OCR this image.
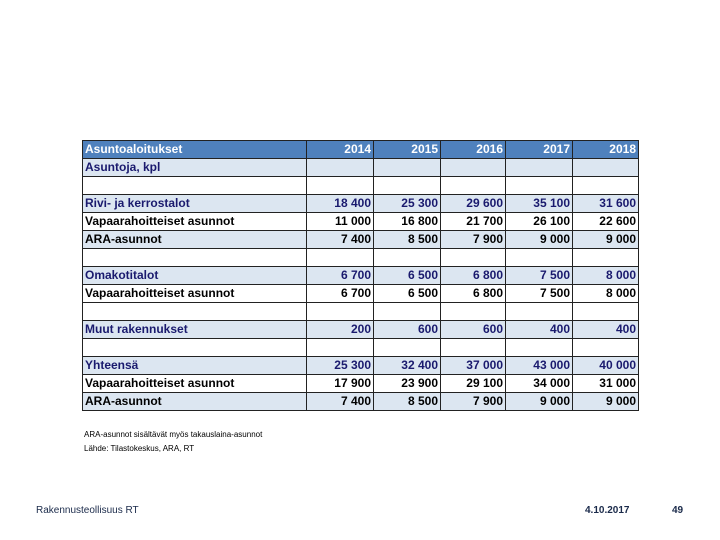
Asuntoaloitukset	2014	2015	2016	2017	2018
Asuntoja, kpl					

Rivi- ja kerrostalot	18 400	25 300	29 600	35 100	31 600
Vapaarahoitteiset asunnot	11 000	16 800	21 700	26 100	22 600
ARA-asunnot	7 400	8 500	7 900	9 000	9 000

Omakotitalot	6 700	6 500	6 800	7 500	8 000
Vapaarahoitteiset asunnot	6 700	6 500	6 800	7 500	8 000

Muut rakennukset	200	600	600	400	400

Yhteensä	25 300	32 400	37 000	43 000	40 000
Vapaarahoitteiset asunnot	17 900	23 900	29 100	34 000	31 000
ARA-asunnot	7 400	8 500	7 900	9 000	9 000
ARA-asunnot sisältävät myös takauslaina-asunnot
Lähde: Tilastokeskus, ARA, RT
Rakennusteollisuus RT	4.10.2017	49
